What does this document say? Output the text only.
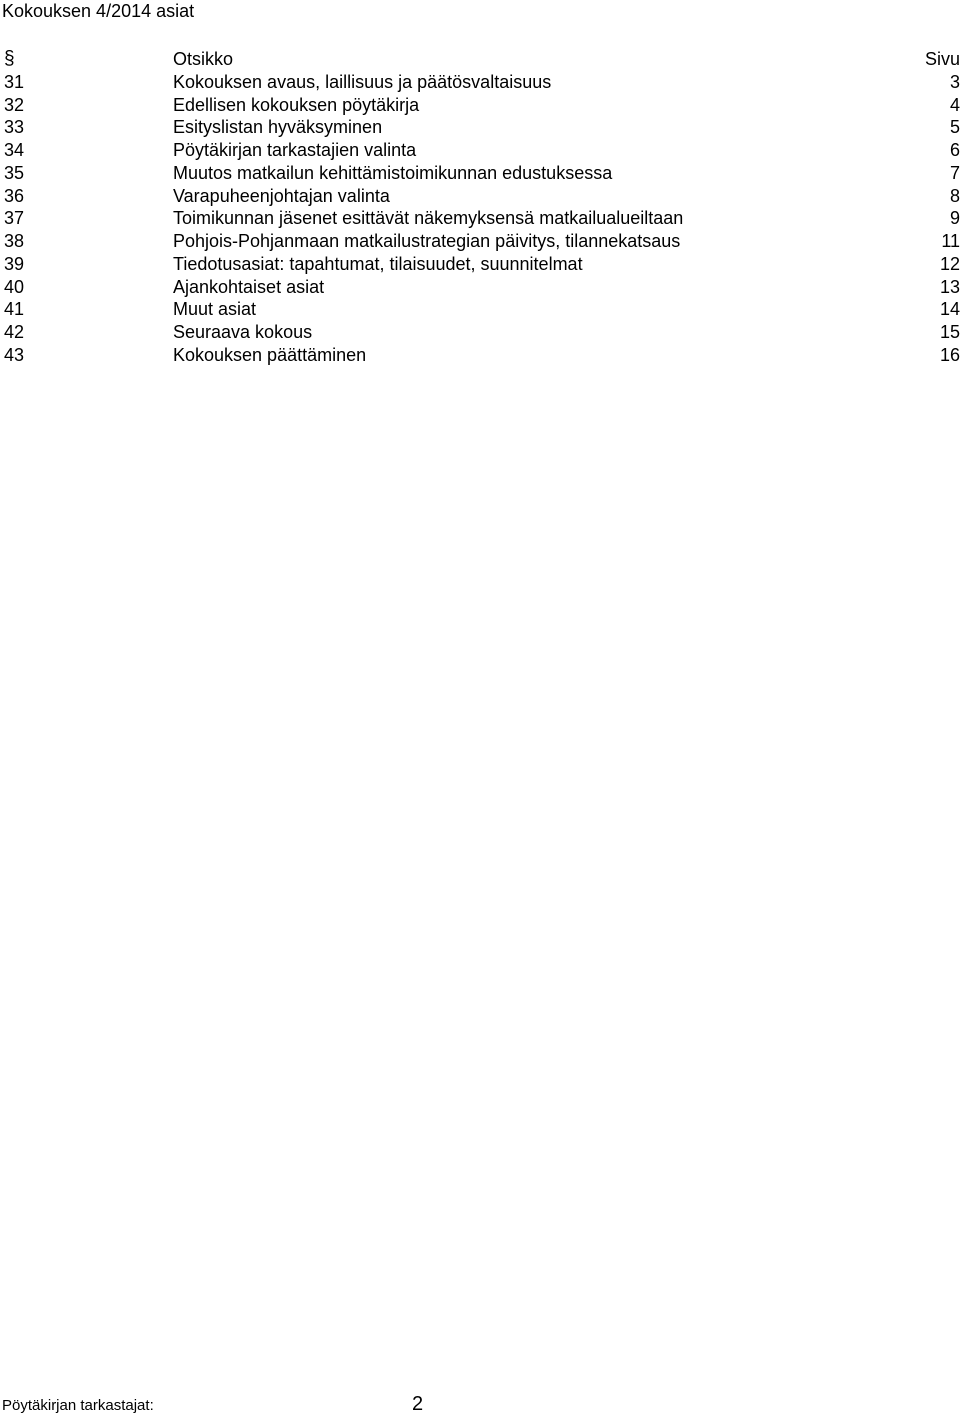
Kokouksen 4/2014 asiat
§	Otsikko	Sivu
31	Kokouksen avaus, laillisuus ja päätösvaltaisuus	3
32	Edellisen kokouksen pöytäkirja	4
33	Esityslistan hyväksyminen	5
34	Pöytäkirjan tarkastajien valinta	6
35	Muutos matkailun kehittämistoimikunnan edustuksessa	7
36	Varapuheenjohtajan valinta	8
37	Toimikunnan jäsenet esittävät näkemyksensä matkailualueiltaan	9
38	Pohjois-Pohjanmaan matkailustrategian päivitys, tilannekatsaus	11
39	Tiedotusasiat: tapahtumat, tilaisuudet, suunnitelmat	12
40	Ajankohtaiset asiat	13
41	Muut asiat	14
42	Seuraava kokous	15
43	Kokouksen päättäminen	16
Pöytäkirjan tarkastajat:	2
